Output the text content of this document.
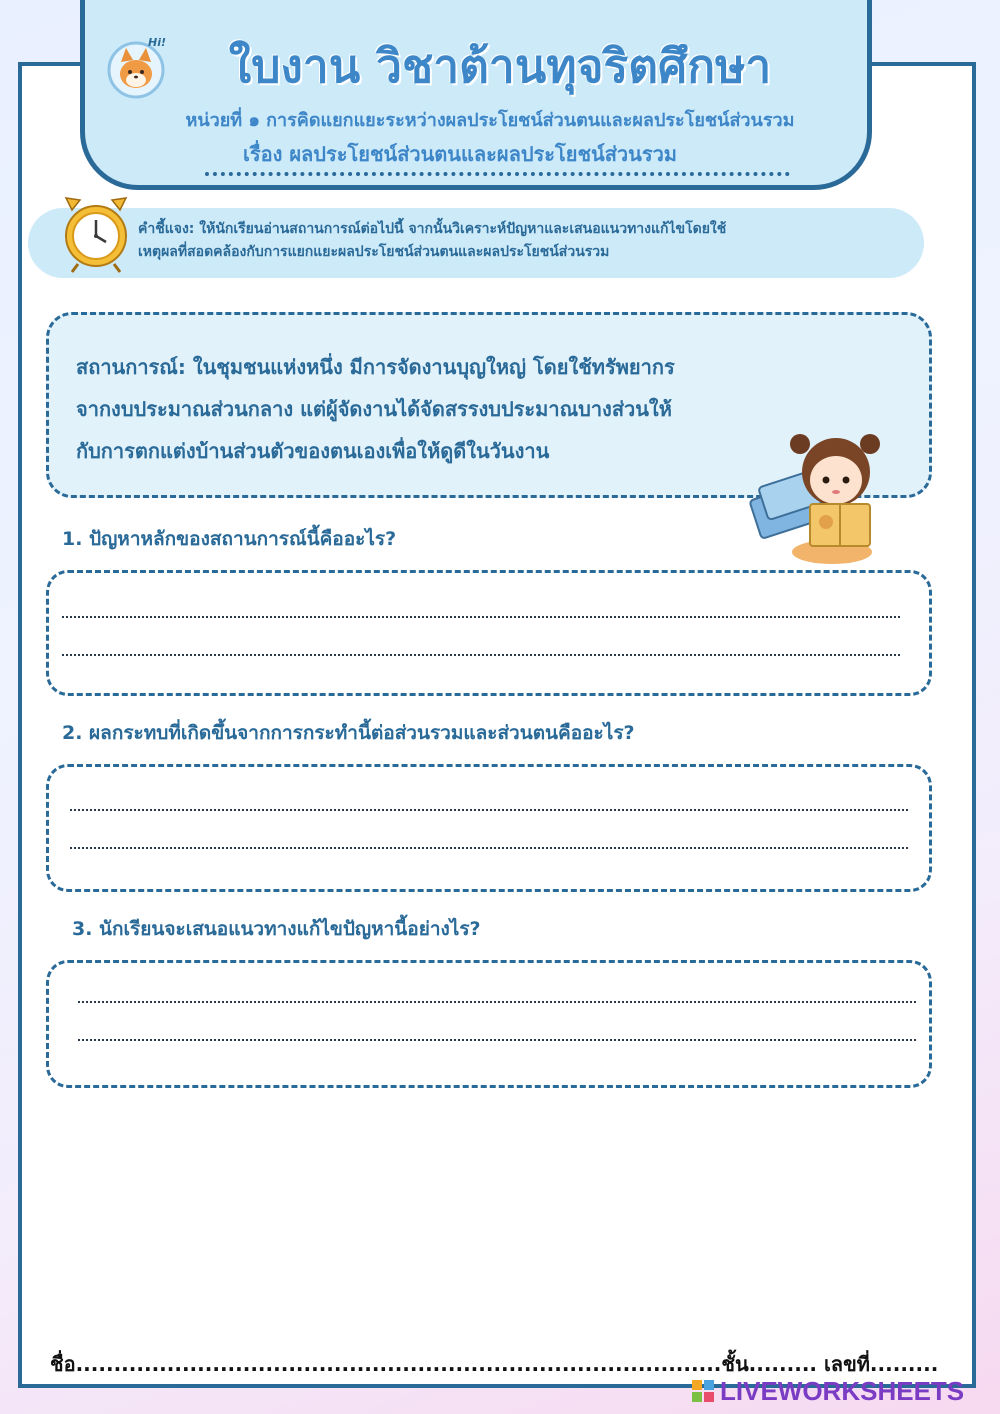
Hi!	ใบงาน วิชาต้านทุจริตศึกษา
หน่วยที่ ๑ การคิดแยกแยะระหว่างผลประโยชน์ส่วนตนและผลประโยชน์ส่วนรวม
เรื่อง ผลประโยชน์ส่วนตนและผลประโยชน์ส่วนรวม
คำชี้แจง: ให้นักเรียนอ่านสถานการณ์ต่อไปนี้ จากนั้นวิเคราะห์ปัญหาและเสนอแนวทางแก้ไขโดยใช้
เหตุผลที่สอดคล้องกับการแยกแยะผลประโยชน์ส่วนตนและผลประโยชน์ส่วนรวม
สถานการณ์: ในชุมชนแห่งหนึ่ง มีการจัดงานบุญใหญ่ โดยใช้ทรัพยากร
จากงบประมาณส่วนกลาง แต่ผู้จัดงานได้จัดสรรงบประมาณบางส่วนให้
กับการตกแต่งบ้านส่วนตัวของตนเองเพื่อให้ดูดีในวันงาน
1. ปัญหาหลักของสถานการณ์นี้คืออะไร?
2. ผลกระทบที่เกิดขึ้นจากการกระทำนี้ต่อส่วนรวมและส่วนตนคืออะไร?
3. นักเรียนจะเสนอแนวทางแก้ไขปัญหานี้อย่างไร?
ชื่อ.....................................................................................ชั้น......... เลขที่.........
LIVEWORKSHEETS
